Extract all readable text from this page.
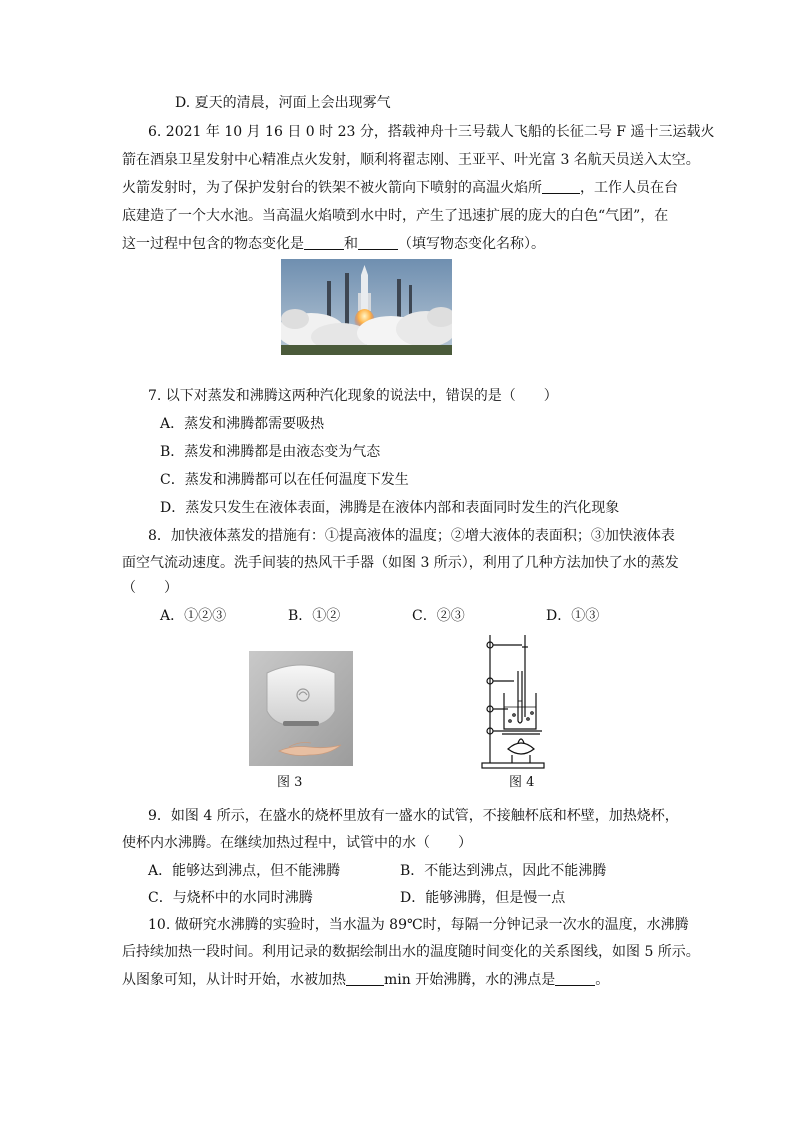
D. 夏天的清晨，河面上会出现雾气
6. 2021 年 10 月 16 日 0 时 23 分，搭载神舟十三号载人飞船的长征二号 F 遥十三运载火
箭在酒泉卫星发射中心精准点火发射，顺利将翟志刚、王亚平、叶光富 3 名航天员送入太空。
火箭发射时，为了保护发射台的铁架不被火箭向下喷射的高温火焰所	，工作人员在台
底建造了一个大水池。当高温火焰喷到水中时，产生了迅速扩展的庞大的白色“气团”，在
这一过程中包含的物态变化是	和	（填写物态变化名称）。
7. 以下对蒸发和沸腾这两种汽化现象的说法中，错误的是（　　）
A．蒸发和沸腾都需要吸热
B．蒸发和沸腾都是由液态变为气态
C．蒸发和沸腾都可以在任何温度下发生
D．蒸发只发生在液体表面，沸腾是在液体内部和表面同时发生的汽化现象
8．加快液体蒸发的措施有：①提高液体的温度；②增大液体的表面积；③加快液体表
面空气流动速度。洗手间装的热风干手器（如图 3 所示），利用了几种方法加快了水的蒸发
（　　）
A．①②③	B．①②	C．②③	D．①③
图 3	图 4
9．如图 4 所示，在盛水的烧杯里放有一盛水的试管，不接触杯底和杯壁，加热烧杯，
使杯内水沸腾。在继续加热过程中，试管中的水（　　）
A．能够达到沸点，但不能沸腾	B．不能达到沸点，因此不能沸腾
C．与烧杯中的水同时沸腾	D．能够沸腾，但是慢一点
10. 做研究水沸腾的实验时，当水温为 89℃时，每隔一分钟记录一次水的温度，水沸腾
后持续加热一段时间。利用记录的数据绘制出水的温度随时间变化的关系图线，如图 5 所示。
从图象可知，从计时开始，水被加热	min 开始沸腾，水的沸点是	。
